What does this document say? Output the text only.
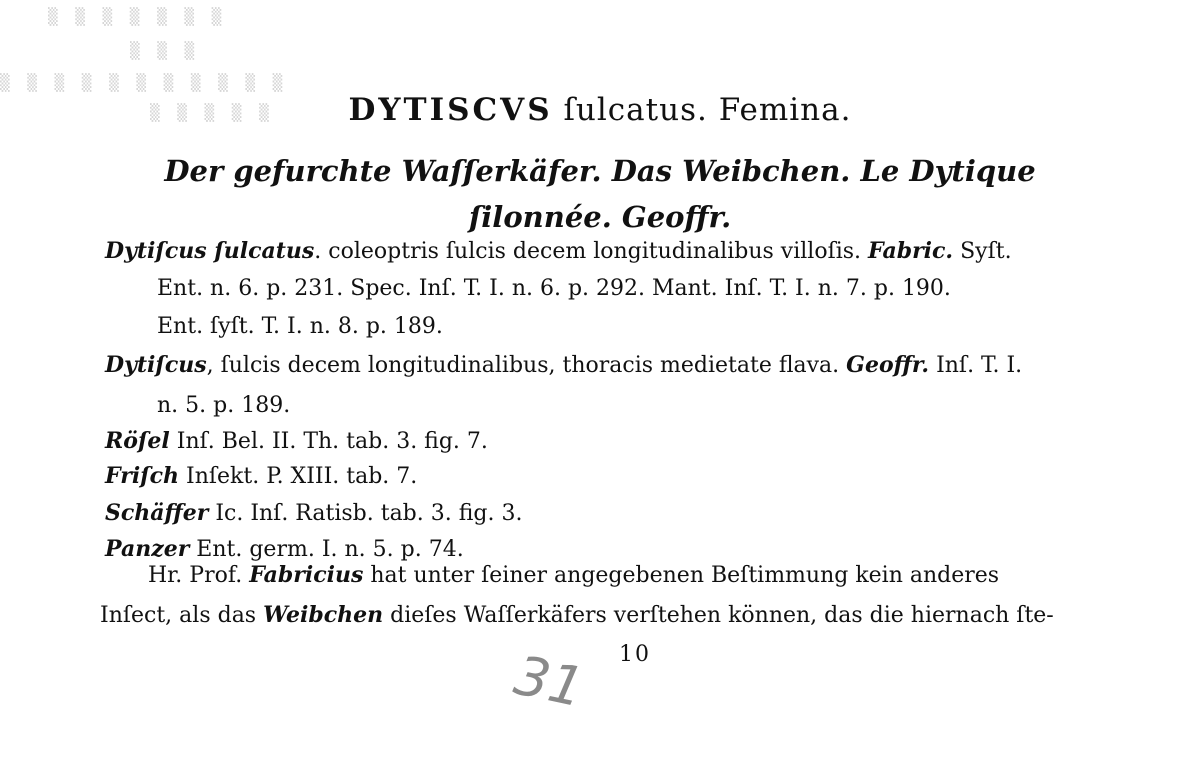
▒ ▒ ▒ ▒ ▒ ▒ ▒
▒ ▒ ▒
▒ ▒ ▒ ▒ ▒ ▒ ▒ ▒ ▒ ▒ ▒
▒ ▒ ▒ ▒ ▒	DYTISCVS ſulcatus. Femina.
Der gefurchte Waſſerkäfer. Das Weibchen. Le Dytique
ſilonnée. Geoffr.
Dytiſcus ſulcatus. coleoptris ſulcis decem longitudinalibus villoſis. Fabric. Syſt.
Ent. n. 6. p. 231. Spec. Inſ. T. I. n. 6. p. 292. Mant. Inſ. T. I. n. 7. p. 190.
Ent. ſyſt. T. I. n. 8. p. 189.
Dytiſcus, ſulcis decem longitudinalibus, thoracis medietate flava. Geoffr. Inſ. T. I.
n. 5. p. 189.
Röſel Inſ. Bel. II. Th. tab. 3. fig. 7.
Friſch Inſekt. P. XIII. tab. 7.
Schäffer Ic. Inſ. Ratisb. tab. 3. fig. 3.
Panzer Ent. germ. I. n. 5. p. 74.
Hr. Prof. Fabricius hat unter ſeiner angegebenen Beſtimmung kein anderes
Inſect, als das Weibchen dieſes Waſſerkäfers verſtehen können, das die hiernach ſte-
10
31
